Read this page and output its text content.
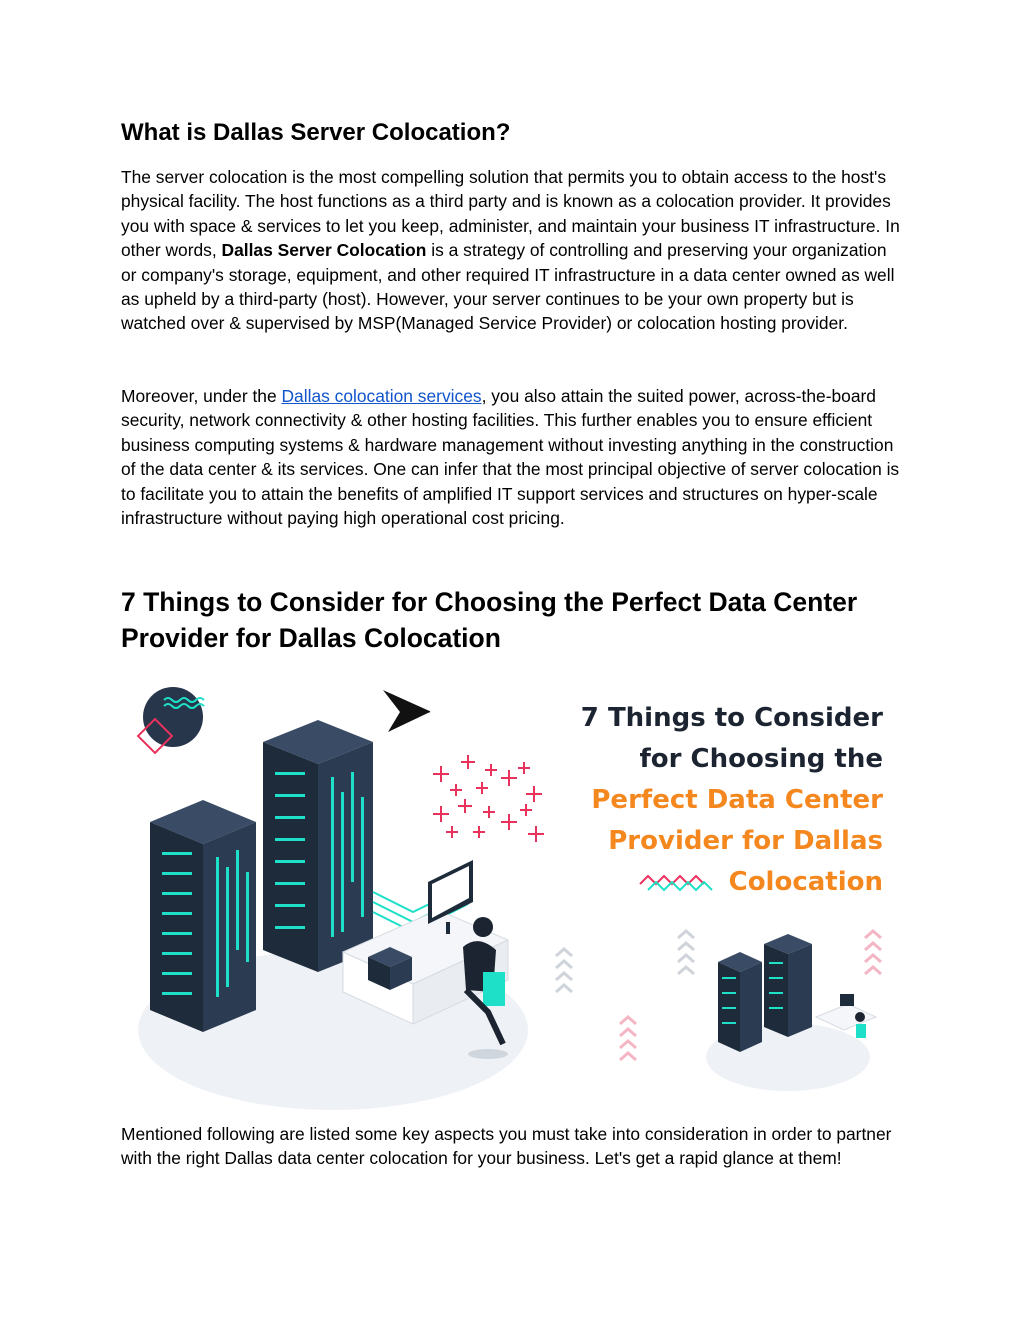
What is Dallas Server Colocation?

The server colocation is the most compelling solution that permits you to obtain access to the host's physical facility. The host functions as a third party and is known as a colocation provider. It provides you with space & services to let you keep, administer, and maintain your business IT infrastructure. In other words, Dallas Server Colocation is a strategy of controlling and preserving your organization or company's storage, equipment, and other required IT infrastructure in a data center owned as well as upheld by a third-party (host). However, your server continues to be your own property but is watched over & supervised by MSP(Managed Service Provider) or colocation hosting provider.

Moreover, under the Dallas colocation services, you also attain the suited power, across-the-board security, network connectivity & other hosting facilities. This further enables you to ensure efficient business computing systems & hardware management without investing anything in the construction of the data center & its services. One can infer that the most principal objective of server colocation is to facilitate you to attain the benefits of amplified IT support services and structures on hyper-scale infrastructure without paying high operational cost pricing.

7 Things to Consider for Choosing the Perfect Data Center Provider for Dallas Colocation

Mentioned following are listed some key aspects you must take into consideration in order to partner with the right Dallas data center colocation for your business. Let's get a rapid glance at them!

7 Things to Consider
for Choosing the
Perfect Data Center
Provider for Dallas
Colocation
